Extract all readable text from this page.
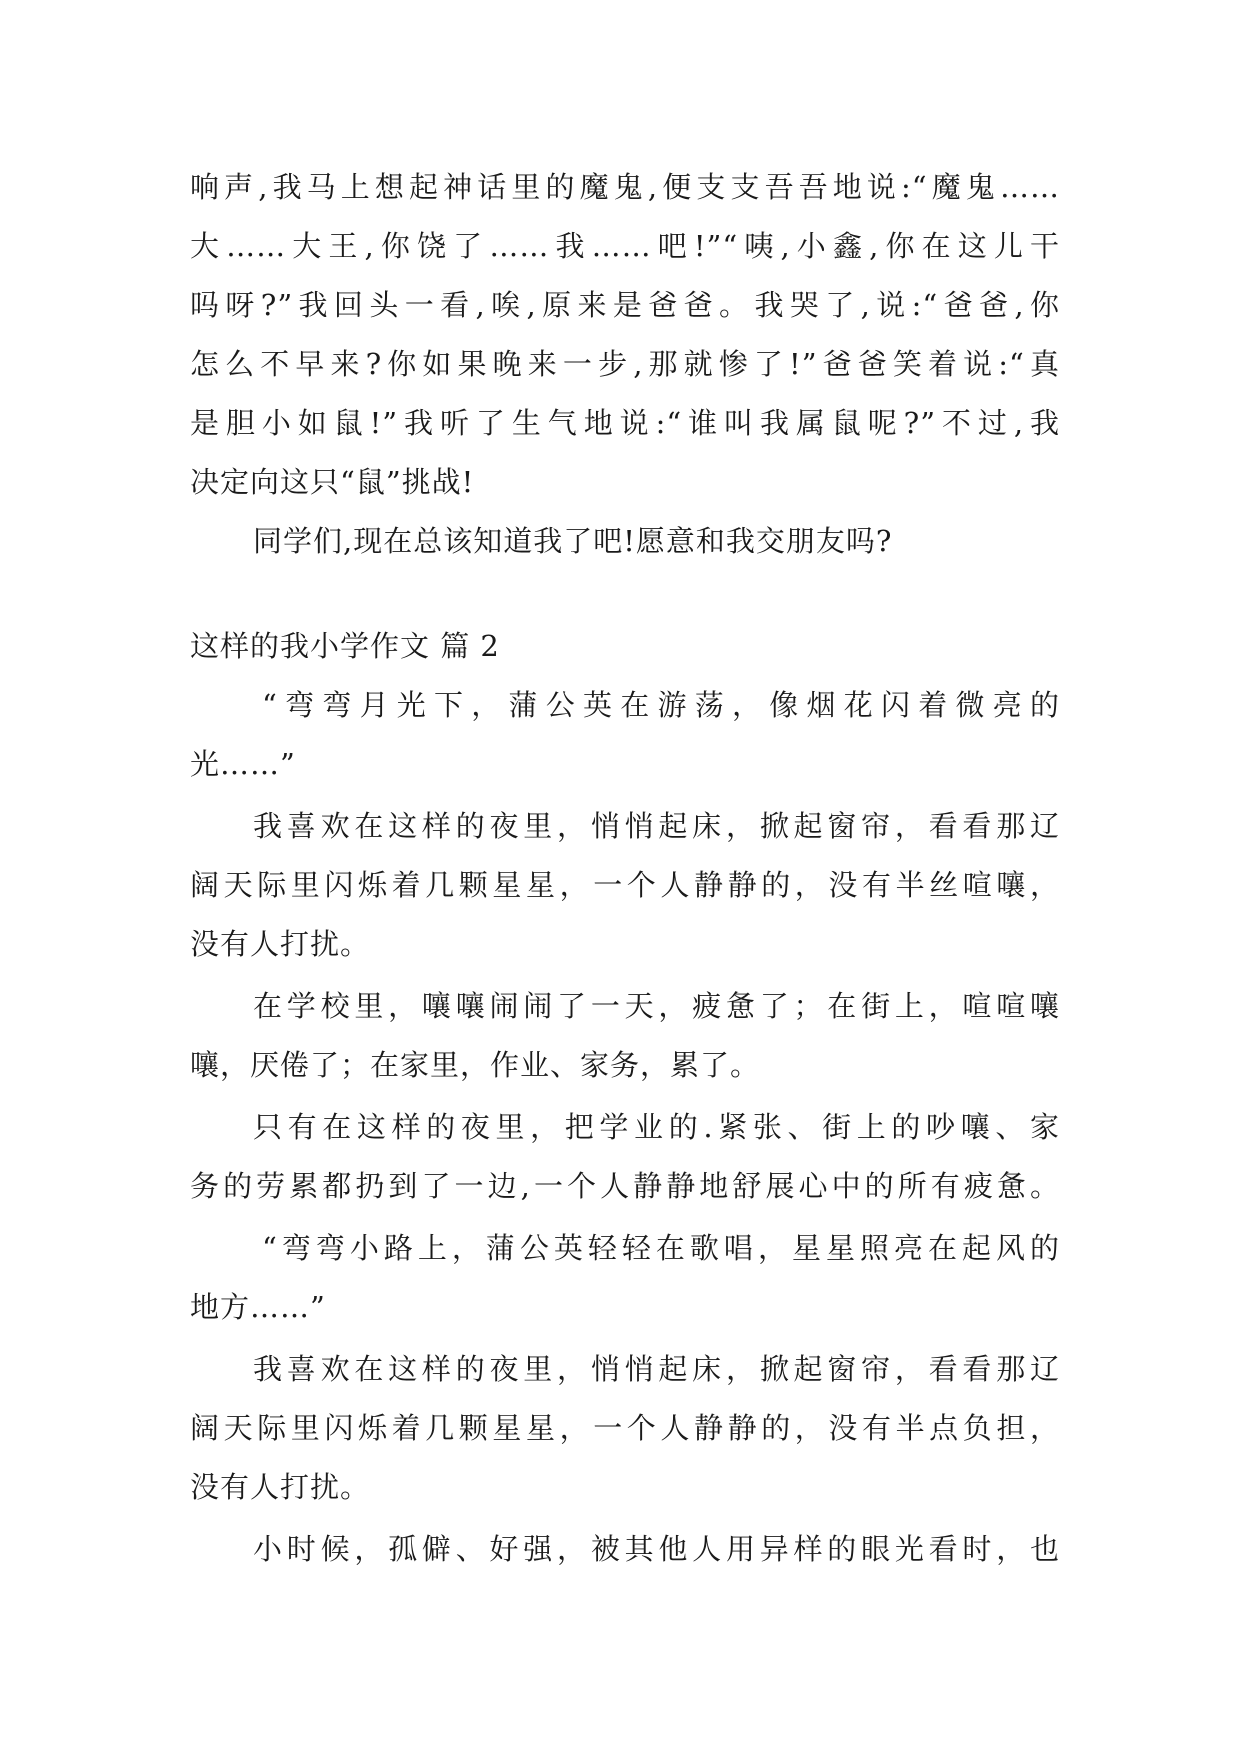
响声,我马上想起神话里的魔鬼,便支支吾吾地说:“魔鬼……
大……大王,你饶了……我……吧!”“咦,小鑫,你在这儿干
吗呀?”我回头一看,唉,原来是爸爸。我哭了,说:“爸爸,你
怎么不早来?你如果晚来一步,那就惨了!”爸爸笑着说:“真
是胆小如鼠!”我听了生气地说:“谁叫我属鼠呢?”不过,我
决定向这只“鼠”挑战!
同学们,现在总该知道我了吧!愿意和我交朋友吗?
这样的我小学作文 篇 2
“弯弯月光下，蒲公英在游荡，像烟花闪着微亮的
光……”
我喜欢在这样的夜里，悄悄起床，掀起窗帘，看看那辽
阔天际里闪烁着几颗星星，一个人静静的，没有半丝喧嚷，
没有人打扰。
在学校里，嚷嚷闹闹了一天，疲惫了；在街上，喧喧嚷
嚷，厌倦了；在家里，作业、家务，累了。
只有在这样的夜里，把学业的.紧张、街上的吵嚷、家
务的劳累都扔到了一边,一个人静静地舒展心中的所有疲惫。
“弯弯小路上，蒲公英轻轻在歌唱，星星照亮在起风的
地方……”
我喜欢在这样的夜里，悄悄起床，掀起窗帘，看看那辽
阔天际里闪烁着几颗星星，一个人静静的，没有半点负担，
没有人打扰。
小时候，孤僻、好强，被其他人用异样的眼光看时，也
